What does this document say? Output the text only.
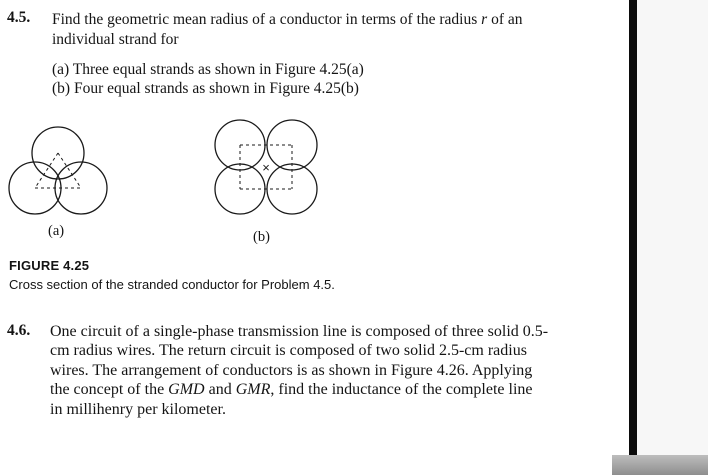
4.5. Find the geometric mean radius of a conductor in terms of the radius r of an
individual strand for
(a) Three equal strands as shown in Figure 4.25(a)
(b) Four equal strands as shown in Figure 4.25(b)
×
(a)	(b)
FIGURE 4.25
Cross section of the stranded conductor for Problem 4.5.
4.6. One circuit of a single-phase transmission line is composed of three solid 0.5-
cm radius wires. The return circuit is composed of two solid 2.5-cm radius
wires. The arrangement of conductors is as shown in Figure 4.26. Applying
the concept of the GMD and GMR, find the inductance of the complete line
in millihenry per kilometer.
